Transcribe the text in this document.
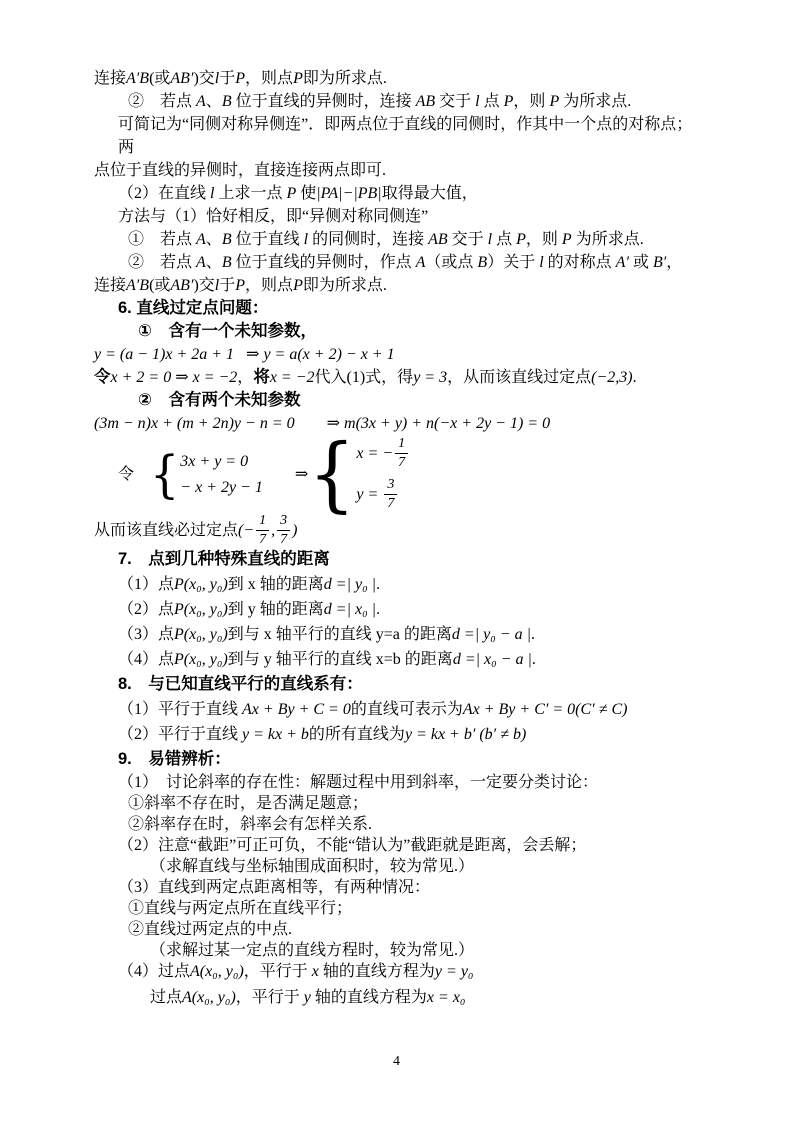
连接A′B(或AB′)交l于P，则点P即为所求点.
②　若点 A、B 位于直线的异侧时，连接 AB 交于 l 点 P，则 P 为所求点.
可简记为“同侧对称异侧连”．即两点位于直线的同侧时，作其中一个点的对称点；两
点位于直线的异侧时，直接连接两点即可.
（2）在直线 l 上求一点 P 使|PA|−|PB|取得最大值，
方法与（1）恰好相反，即“异侧对称同侧连”
①　若点 A、B 位于直线 l 的同侧时，连接 AB 交于 l 点 P，则 P 为所求点.
②　若点 A、B 位于直线的异侧时，作点 A（或点 B）关于 l 的对称点 A′ 或 B′，
连接A′B(或AB′)交l于P，则点P即为所求点.
6. 直线过定点问题：
①　含有一个未知参数，
y = (a − 1)x + 2a + 1   ⇒ y = a(x + 2) − x + 1
令x + 2 = 0 ⇒ x = −2，将x = −2代入(1)式，得y = 3，从而该直线过定点(−2,3).
②　含有两个未知参数
(3m − n)x + (m + 2n)y − n = 0　　 ⇒ m(3x + y) + n(−x + 2y − 1) = 0
令　 { 3x + y = 0
− x + 2y − 1

⇒ { x = − $\frac{1}{7}$
$y = \frac{3}{7}$
从而该直线必过定点 (− $\frac{1}{7}$ , $\frac{3}{7}$ )
7.　点到几种特殊直线的距离
（1）点P(x₀, y₀)到 x 轴的距离d =| y₀ |.
（2）点P(x₀, y₀)到 y 轴的距离d =| x₀ |.
（3）点P(x₀, y₀)到与 x 轴平行的直线 y=a 的距离d =| y₀ − a |.
（4）点P(x₀, y₀)到与 y 轴平行的直线 x=b 的距离d =| x₀ − a |.
8.　与已知直线平行的直线系有：
（1）平行于直线 Ax + By + C = 0的直线可表示为Ax + By + C′ = 0(C′ ≠ C)
（2）平行于直线 y = kx + b的所有直线为y = kx + b′ (b′ ≠ b)
9.　易错辨析：
（1）　讨论斜率的存在性：解题过程中用到斜率，一定要分类讨论：
①斜率不存在时，是否满足题意；
②斜率存在时，斜率会有怎样关系.
（2）注意“截距”可正可负，不能“错认为”截距就是距离，会丢解；
（求解直线与坐标轴围成面积时，较为常见.）
（3）直线到两定点距离相等，有两种情况：
①直线与两定点所在直线平行；
②直线过两定点的中点.
（求解过某一定点的直线方程时，较为常见.）
（4）过点A(x₀, y₀)，平行于 x 轴的直线方程为y = y₀
过点A(x₀, y₀)，平行于 y 轴的直线方程为x = x₀
4
